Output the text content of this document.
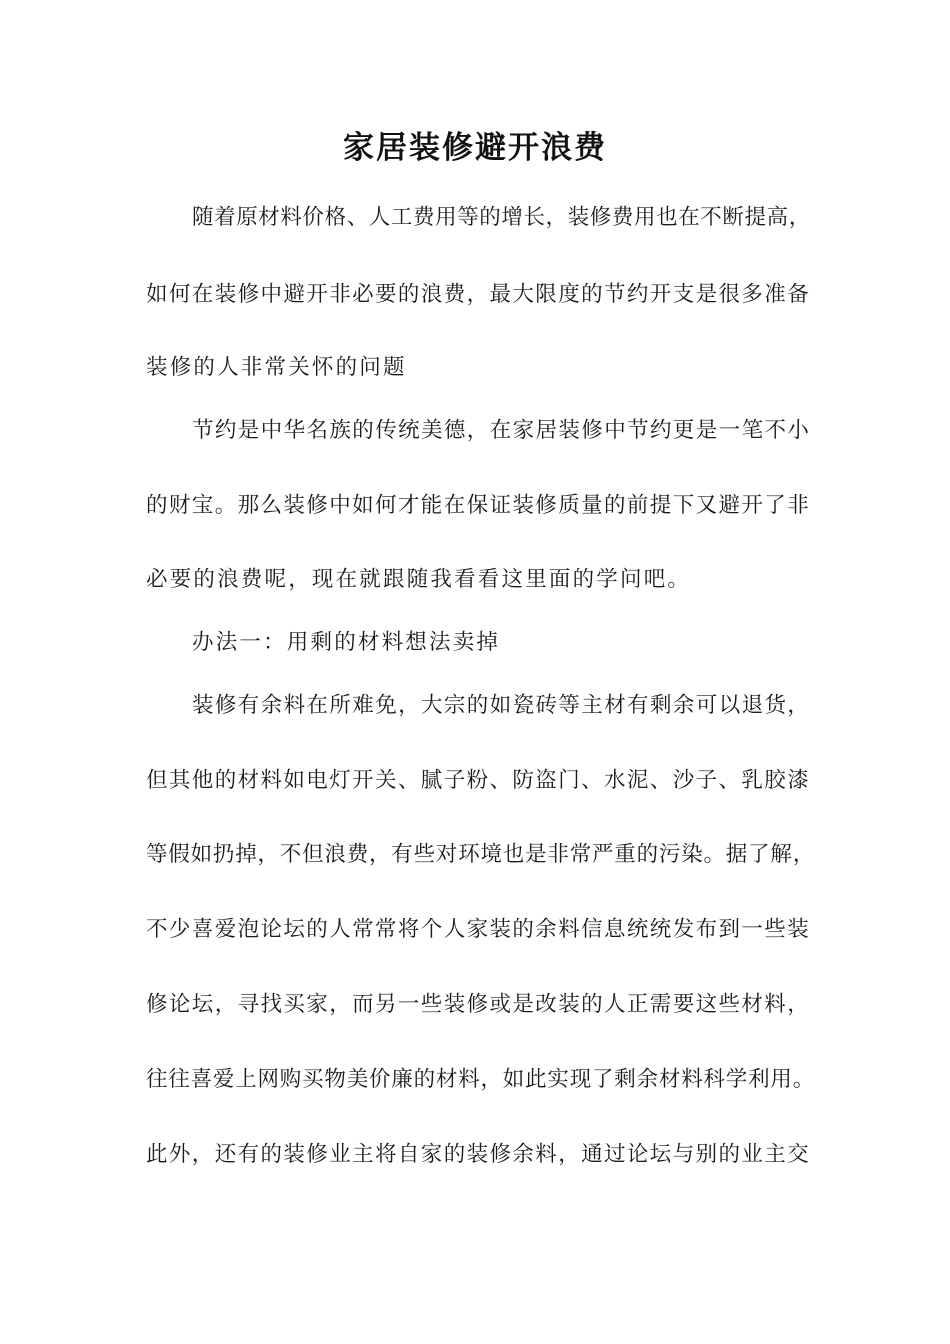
家居装修避开浪费
随着原材料价格、人工费用等的增长，装修费用也在不断提高，
如何在装修中避开非必要的浪费，最大限度的节约开支是很多准备
装修的人非常关怀的问题
节约是中华名族的传统美德，在家居装修中节约更是一笔不小
的财宝。那么装修中如何才能在保证装修质量的前提下又避开了非
必要的浪费呢，现在就跟随我看看这里面的学问吧。
办法一：用剩的材料想法卖掉
装修有余料在所难免，大宗的如瓷砖等主材有剩余可以退货，
但其他的材料如电灯开关、腻子粉、防盗门、水泥、沙子、乳胶漆
等假如扔掉，不但浪费，有些对环境也是非常严重的污染。据了解，
不少喜爱泡论坛的人常常将个人家装的余料信息统统发布到一些装
修论坛，寻找买家，而另一些装修或是改装的人正需要这些材料，
往往喜爱上网购买物美价廉的材料，如此实现了剩余材料科学利用。
此外，还有的装修业主将自家的装修余料，通过论坛与别的业主交
